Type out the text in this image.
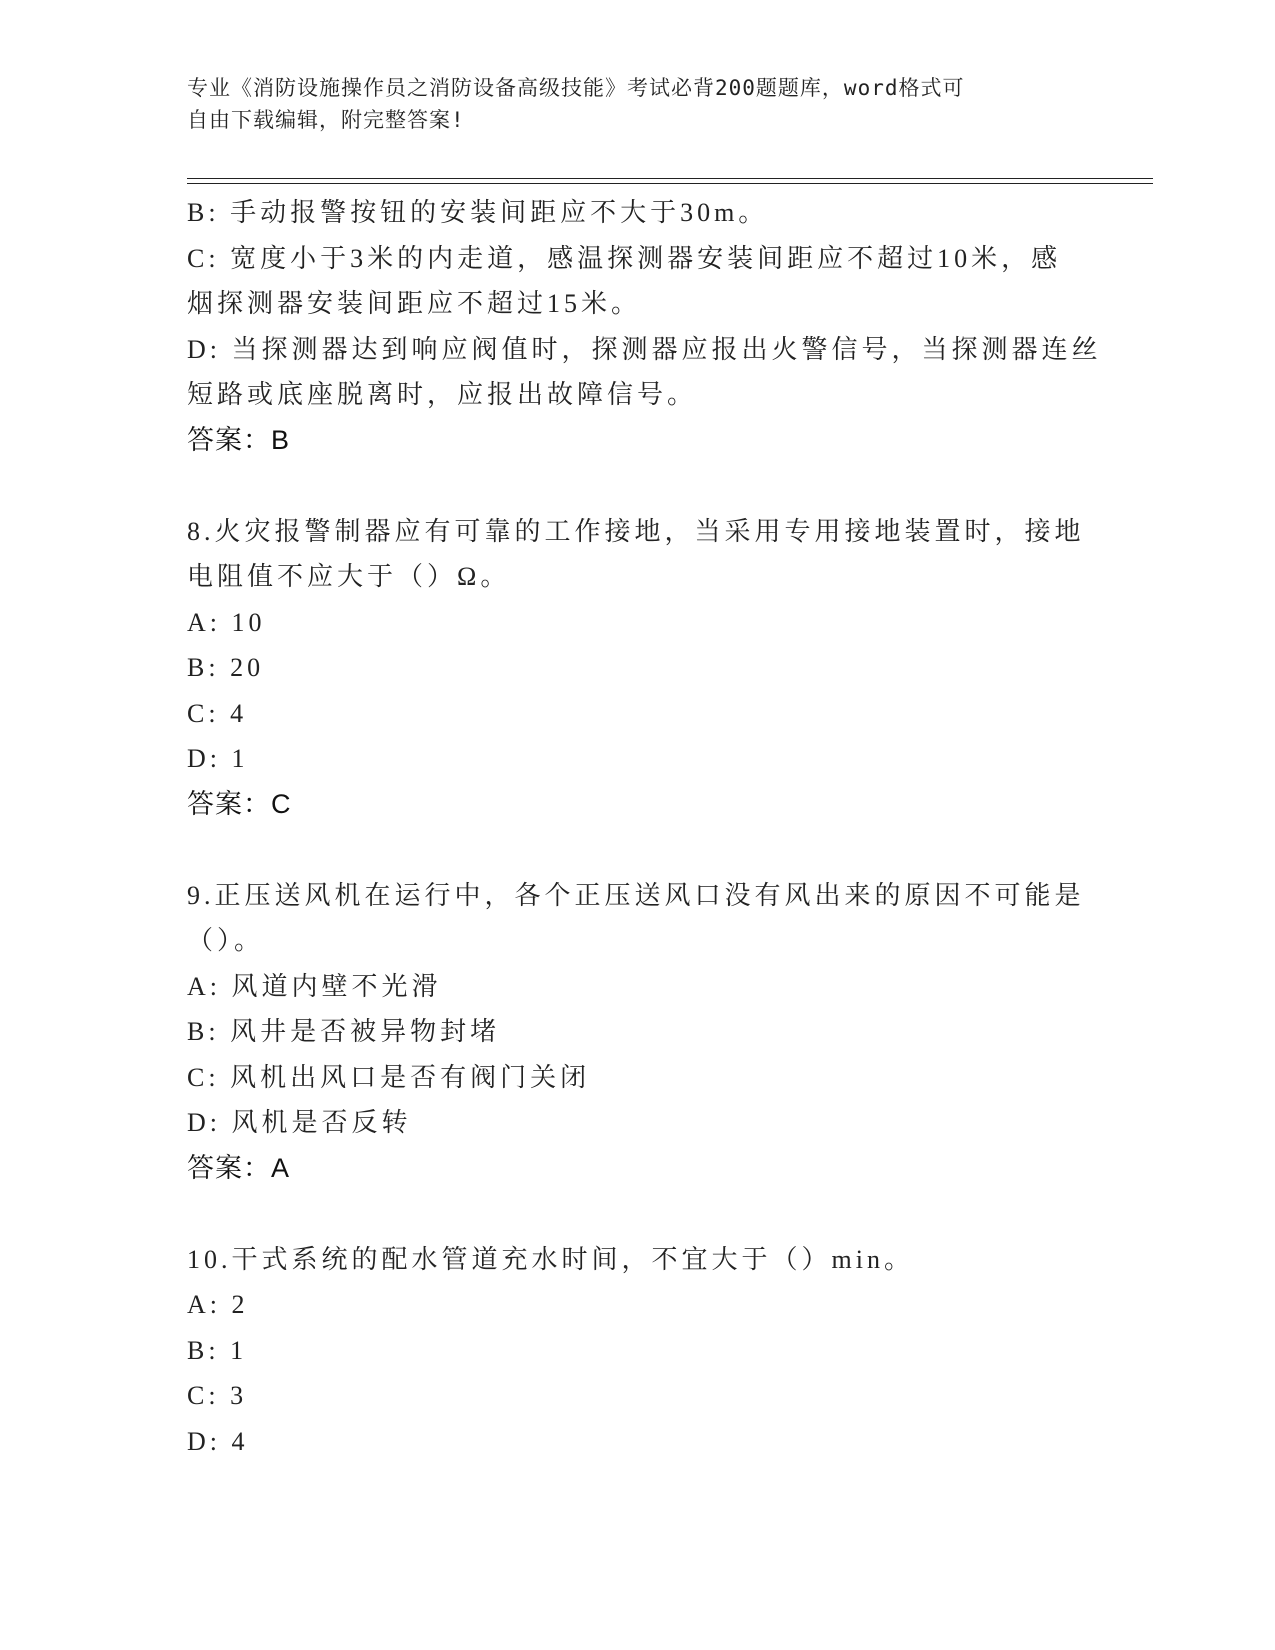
专业《消防设施操作员之消防设备高级技能》考试必背200题题库，word格式可
自由下载编辑，附完整答案!
B: 手动报警按钮的安装间距应不大于30m。
C: 宽度小于3米的内走道，感温探测器安装间距应不超过10米，感
烟探测器安装间距应不超过15米。
D: 当探测器达到响应阀值时，探测器应报出火警信号，当探测器连丝
短路或底座脱离时，应报出故障信号。
答案：B
8.火灾报警制器应有可靠的工作接地，当采用专用接地装置时，接地
电阻值不应大于（）Ω。
A: 10
B: 20
C: 4
D: 1
答案：C
9.正压送风机在运行中，各个正压送风口没有风出来的原因不可能是
（）。
A: 风道内壁不光滑
B: 风井是否被异物封堵
C: 风机出风口是否有阀门关闭
D: 风机是否反转
答案：A
10.干式系统的配水管道充水时间，不宜大于（）min。
A: 2
B: 1
C: 3
D: 4
